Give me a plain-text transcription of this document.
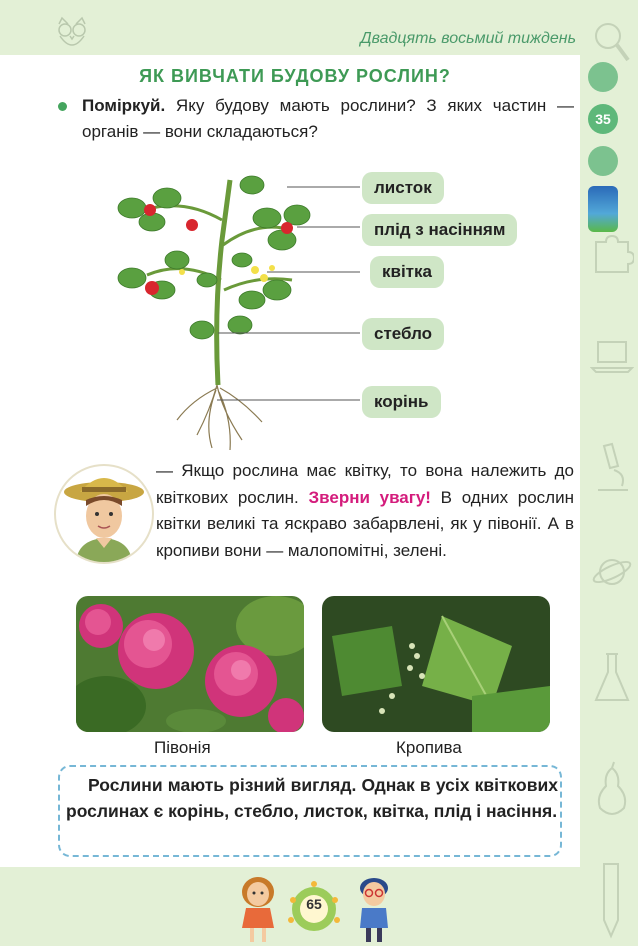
Двадцять восьмий тиждень
ЯК ВИВЧАТИ БУДОВУ РОСЛИН?
Поміркуй. Яку будову мають рослини? З яких частин — органів — вони складаються?
листок
плід з насінням
квітка
стебло
корінь
— Якщо рослина має квітку, то вона належить до квіткових рослин. Зверни увагу! В одних рослин квітки великі та яскраво забарвлені, як у півонії. А в кропиви вони — малопомітні, зелені.
Півонія	Кропива
Рослини мають різний вигляд. Однак в усіх квіткових рослинах є корінь, стебло, листок, квітка, плід і насіння.
35
65
